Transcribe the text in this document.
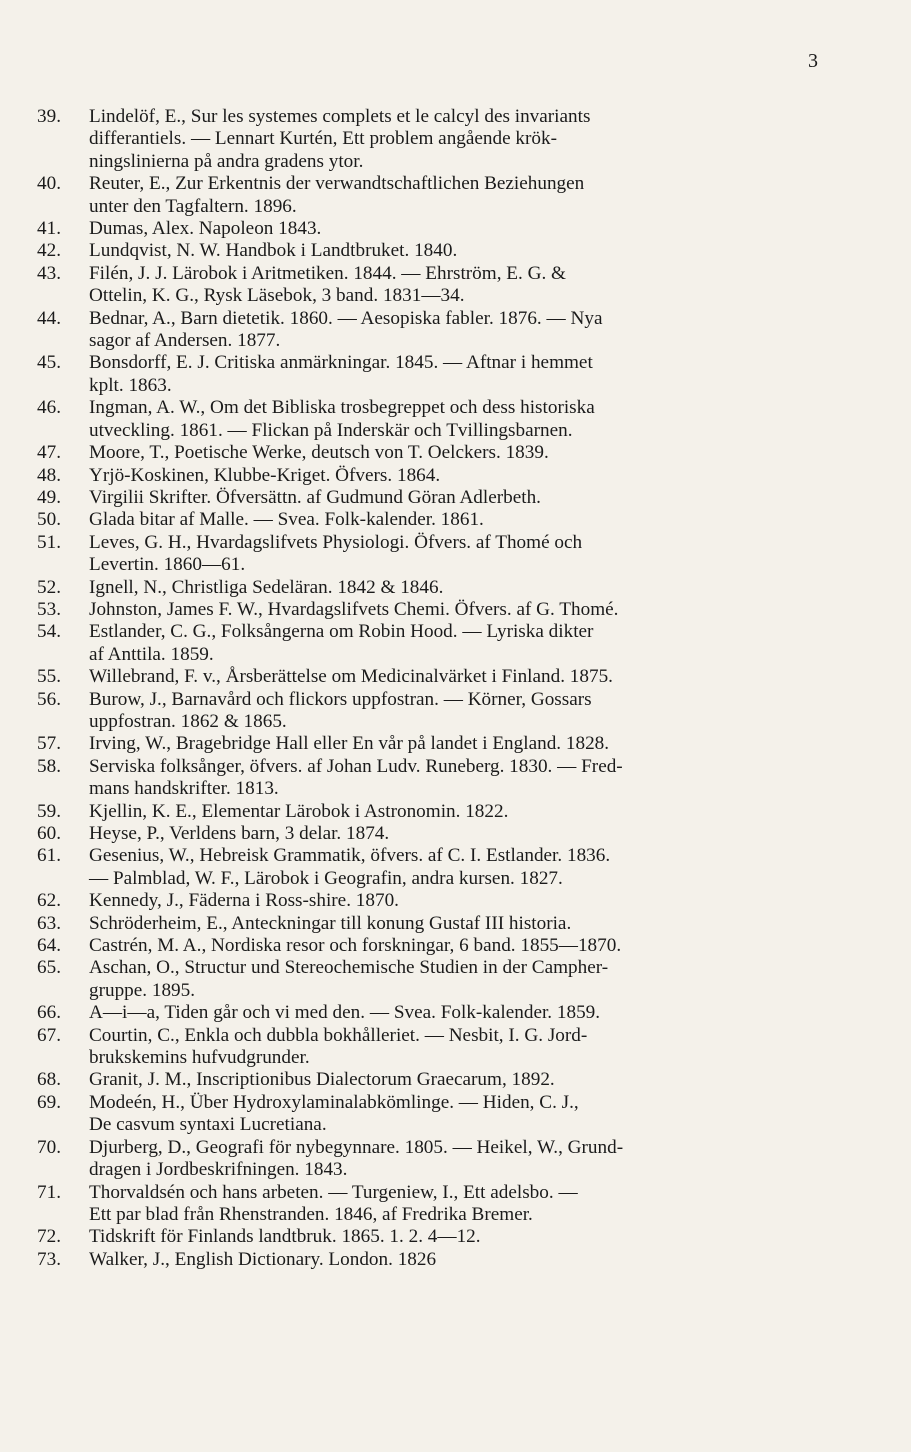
3
39.	Lindelöf, E., Sur les systemes complets et le calcyl des invariants
differantiels. — Lennart Kurtén, Ett problem angående krök-
ningslinierna på andra gradens ytor.
40.	Reuter, E., Zur Erkentnis der verwandtschaftlichen Beziehungen
unter den Tagfaltern. 1896.
41.	Dumas, Alex. Napoleon 1843.
42.	Lundqvist, N. W. Handbok i Landtbruket. 1840.
43.	Filén, J. J. Lärobok i Aritmetiken. 1844. — Ehrström, E. G. &
Ottelin, K. G., Rysk Läsebok, 3 band. 1831—34.
44.	Bednar, A., Barn dietetik. 1860. — Aesopiska fabler. 1876. — Nya
sagor af Andersen. 1877.
45.	Bonsdorff, E. J. Critiska anmärkningar. 1845. — Aftnar i hemmet
kplt. 1863.
46.	Ingman, A. W., Om det Bibliska trosbegreppet och dess historiska
utveckling. 1861. — Flickan på Inderskär och Tvillingsbarnen.
47.	Moore, T., Poetische Werke, deutsch von T. Oelckers. 1839.
48.	Yrjö-Koskinen, Klubbe-Kriget. Öfvers. 1864.
49.	Virgilii Skrifter. Öfversättn. af Gudmund Göran Adlerbeth.
50.	Glada bitar af Malle. — Svea. Folk-kalender. 1861.
51.	Leves, G. H., Hvardagslifvets Physiologi. Öfvers. af Thomé och
Levertin. 1860—61.
52.	Ignell, N., Christliga Sedeläran. 1842 & 1846.
53.	Johnston, James F. W., Hvardagslifvets Chemi. Öfvers. af G. Thomé.
54.	Estlander, C. G., Folksångerna om Robin Hood. — Lyriska dikter
af Anttila. 1859.
55.	Willebrand, F. v., Årsberättelse om Medicinalvärket i Finland. 1875.
56.	Burow, J., Barnavård och flickors uppfostran. — Körner, Gossars
uppfostran. 1862 & 1865.
57.	Irving, W., Bragebridge Hall eller En vår på landet i England. 1828.
58.	Serviska folksånger, öfvers. af Johan Ludv. Runeberg. 1830. — Fred-
mans handskrifter. 1813.
59.	Kjellin, K. E., Elementar Lärobok i Astronomin. 1822.
60.	Heyse, P., Verldens barn, 3 delar. 1874.
61.	Gesenius, W., Hebreisk Grammatik, öfvers. af C. I. Estlander. 1836.
— Palmblad, W. F., Lärobok i Geografin, andra kursen. 1827.
62.	Kennedy, J., Fäderna i Ross-shire. 1870.
63.	Schröderheim, E., Anteckningar till konung Gustaf III historia.
64.	Castrén, M. A., Nordiska resor och forskningar, 6 band. 1855—1870.
65.	Aschan, O., Structur und Stereochemische Studien in der Campher-
gruppe. 1895.
66.	A—i—a, Tiden går och vi med den. — Svea. Folk-kalender. 1859.
67.	Courtin, C., Enkla och dubbla bokhålleriet. — Nesbit, I. G. Jord-
brukskemins hufvudgrunder.
68.	Granit, J. M., Inscriptionibus Dialectorum Graecarum, 1892.
69.	Modeén, H., Über Hydroxylaminalabkömlinge. — Hiden, C. J.,
De casvum syntaxi Lucretiana.
70.	Djurberg, D., Geografi för nybegynnare. 1805. — Heikel, W., Grund-
dragen i Jordbeskrifningen. 1843.
71.	Thorvaldsén och hans arbeten. — Turgeniew, I., Ett adelsbo. —
Ett par blad från Rhenstranden. 1846, af Fredrika Bremer.
72.	Tidskrift för Finlands landtbruk. 1865. 1. 2. 4—12.
73.	Walker, J., English Dictionary. London. 1826
